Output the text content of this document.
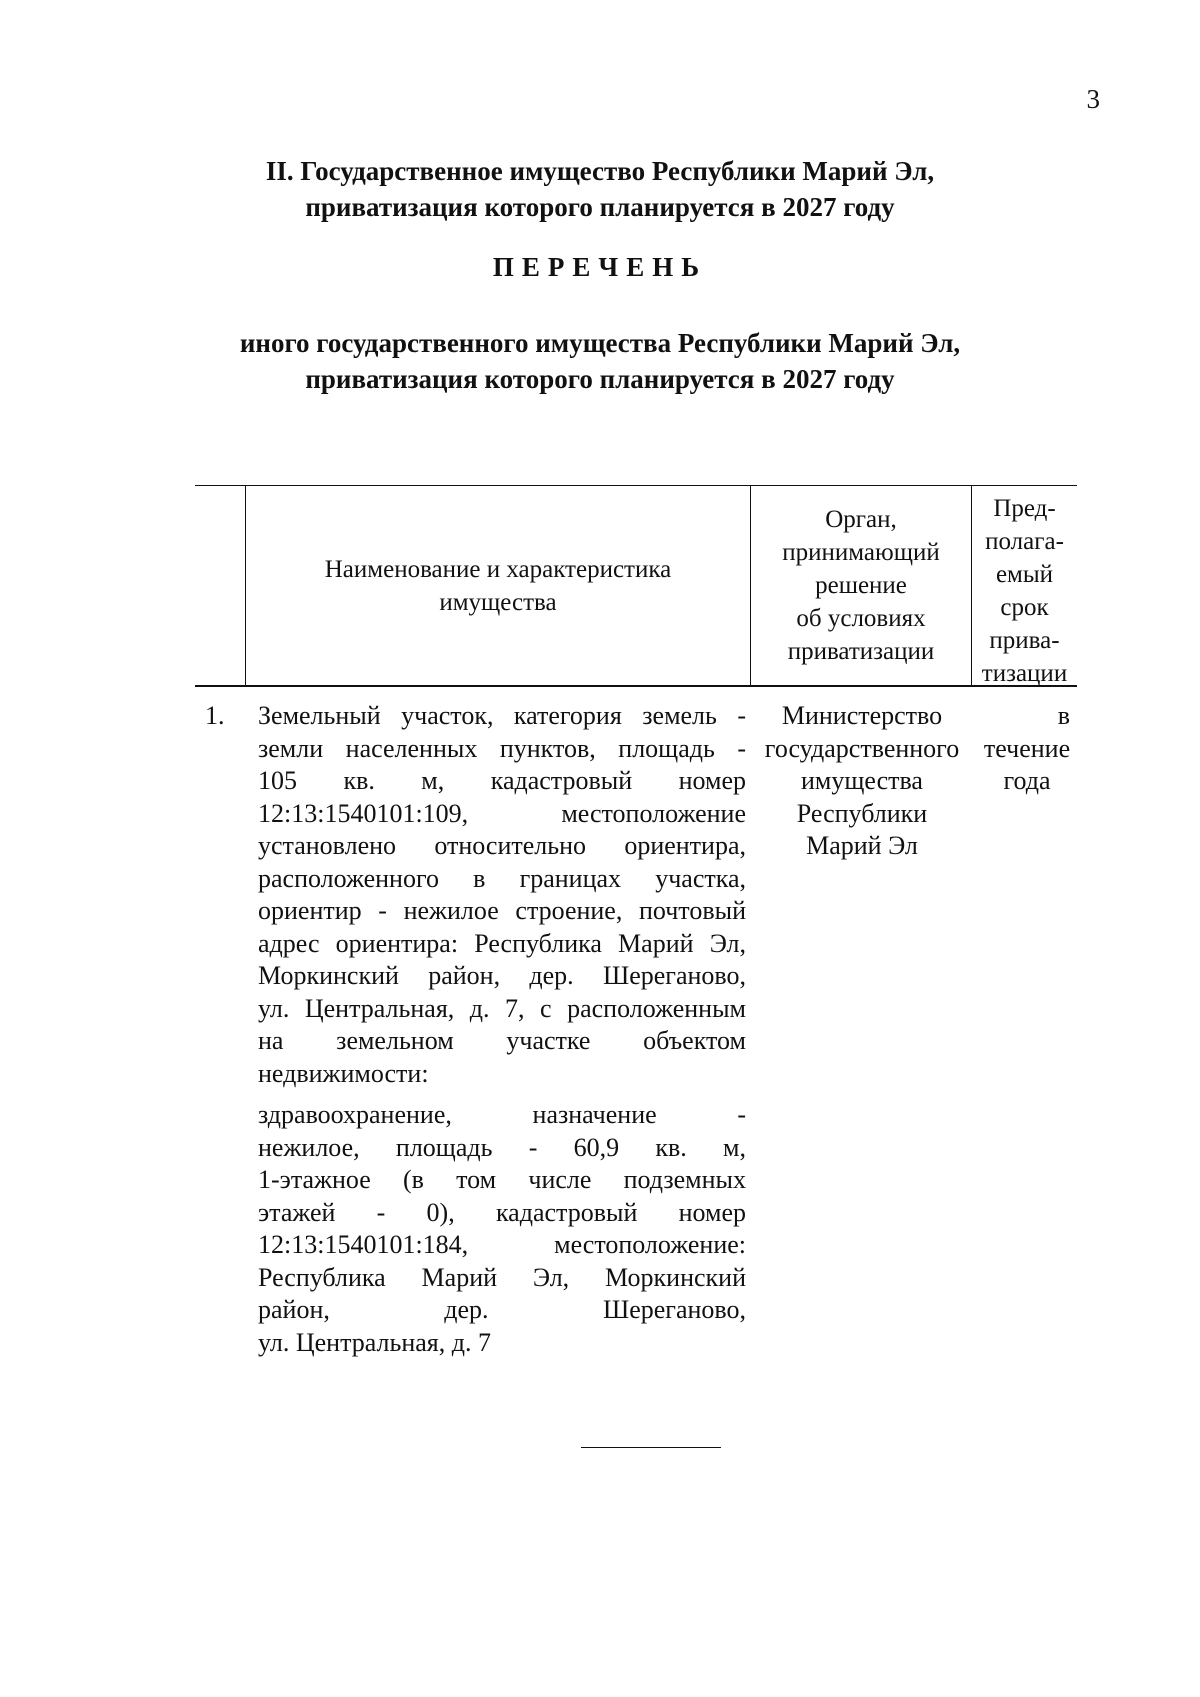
3
II. Государственное имущество Республики Марий Эл,
приватизация которого планируется в 2027 году
ПЕРЕЧЕНЬ
иного государственного имущества Республики Марий Эл,
приватизация которого планируется в 2027 году
Наименование и характеристика
имущества
Орган,
принимающий
решение
об условиях
приватизации
Пред-
полага-
емый
срок
прива-
тизации
1.	Земельный участок, категория земель -
земли населенных пунктов, площадь -
105 кв. м, кадастровый номер
12:13:1540101:109, местоположение
установлено относительно ориентира,
расположенного в границах участка,
ориентир - нежилое строение, почтовый
адрес ориентира: Республика Марий Эл,
Моркинский район, дер. Шереганово,
ул. Центральная, д. 7, с расположенным
на земельном участке объектом
недвижимости:
здравоохранение, назначение -
нежилое, площадь - 60,9 кв. м,
1-этажное (в том числе подземных
этажей - 0), кадастровый номер
12:13:1540101:184, местоположение:
Республика Марий Эл, Моркинский
район, дер. Шереганово,
ул. Центральная, д. 7
Министерство
государственного
имущества
Республики
Марий Эл
в
течение
года
